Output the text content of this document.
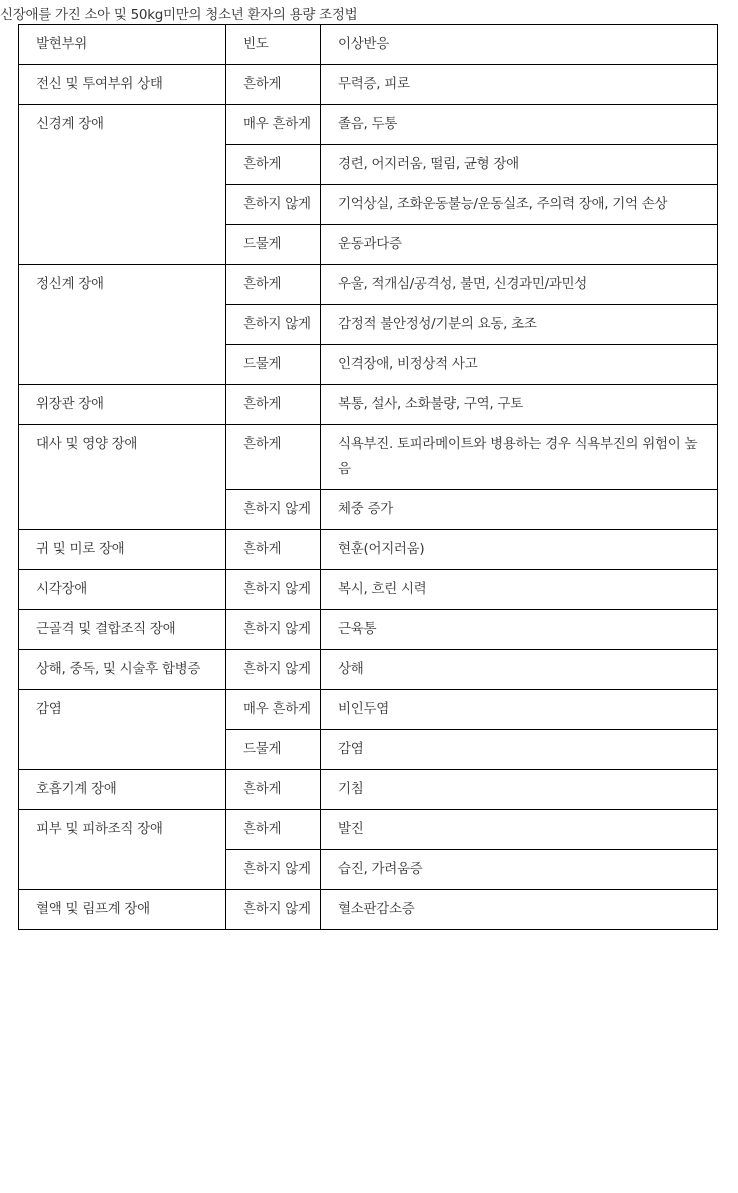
신장애를 가진 소아 및 50kg미만의 청소년 환자의 용량 조정법
발현부위	빈도	이상반응
전신 및 투여부위 상태	흔하게	무력증, 피로
신경계 장애	매우 흔하게	졸음, 두통
	흔하게	경련, 어지러움, 떨림, 균형 장애
	흔하지 않게	기억상실, 조화운동불능/운동실조, 주의력 장애, 기억 손상
	드물게	운동과다증
정신계 장애	흔하게	우울, 적개심/공격성, 불면, 신경과민/과민성
	흔하지 않게	감정적 불안정성/기분의 요동, 초조
	드물게	인격장애, 비정상적 사고
위장관 장애	흔하게	복통, 설사, 소화불량, 구역, 구토
대사 및 영양 장애	흔하게	식욕부진. 토피라메이트와 병용하는 경우 식욕부진의 위험이 높음
	흔하지 않게	체중 증가
귀 및 미로 장애	흔하게	현훈(어지러움)
시각장애	흔하지 않게	복시, 흐린 시력
근골격 및 결합조직 장애	흔하지 않게	근육통
상해, 중독, 및 시술후 합병증	흔하지 않게	상해
감염	매우 흔하게	비인두염
	드물게	감염
호흡기계 장애	흔하게	기침
피부 및 피하조직 장애	흔하게	발진
	흔하지 않게	습진, 가려움증
혈액 및 림프계 장애	흔하지 않게	혈소판감소증
